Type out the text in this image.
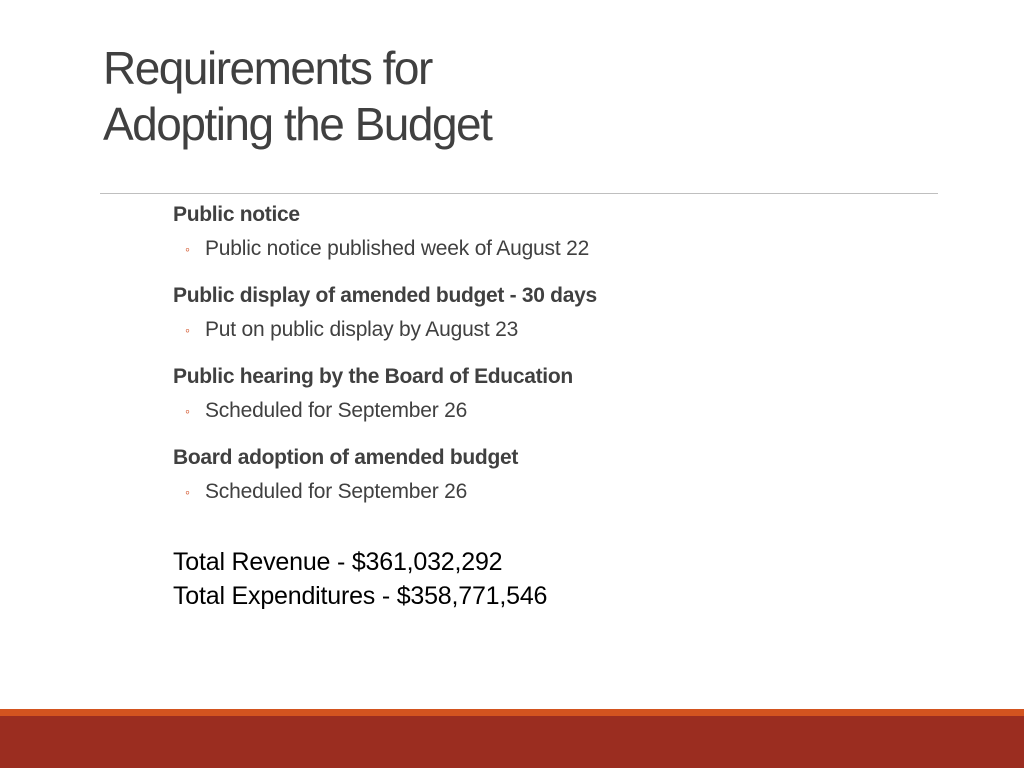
Requirements for
Adopting the Budget
Public notice
◦ Public notice published week of August 22
Public display of amended budget - 30 days
◦ Put on public display by August 23
Public hearing by the Board of Education
◦ Scheduled for September 26
Board adoption of amended budget
◦ Scheduled for September 26
Total Revenue - $361,032,292
Total Expenditures - $358,771,546
